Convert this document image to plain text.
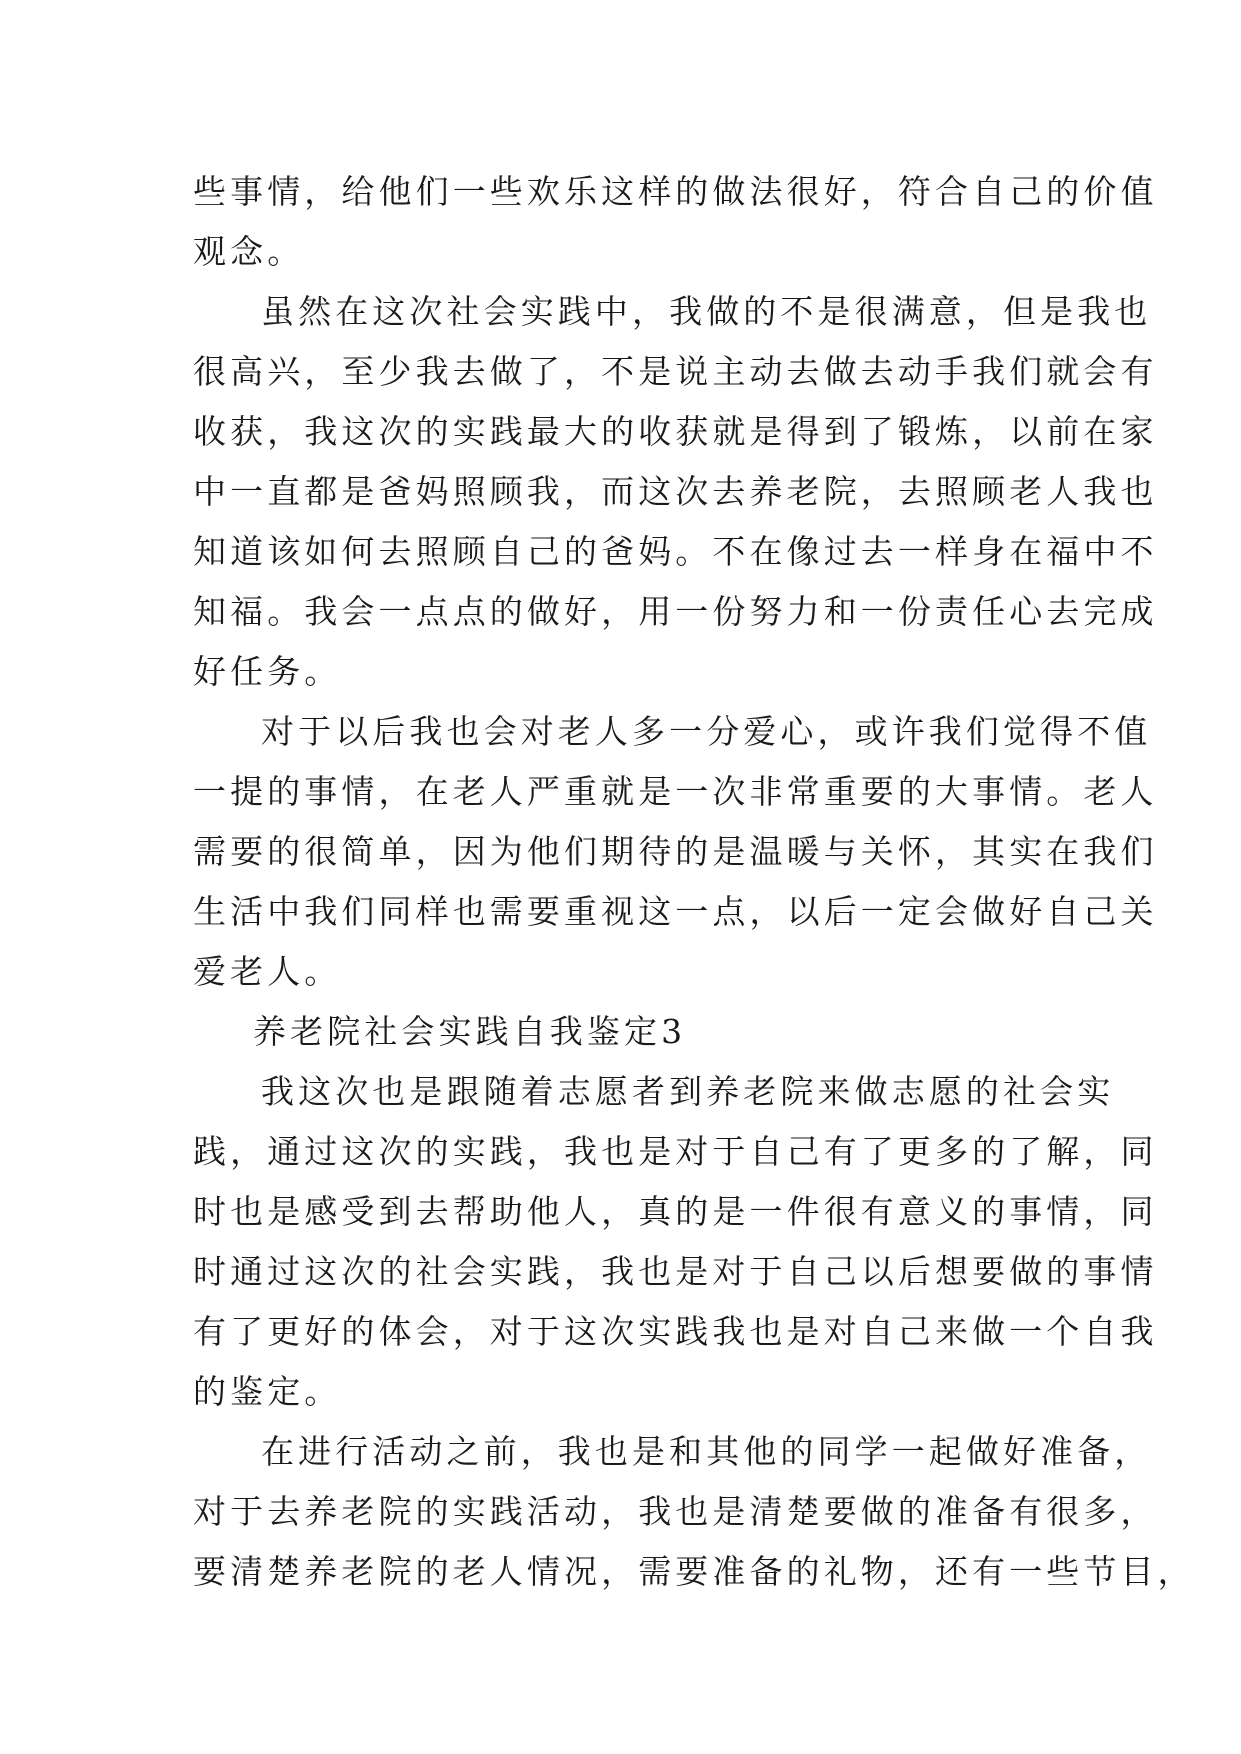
些事情，给他们一些欢乐这样的做法很好，符合自己的价值
观念。
虽然在这次社会实践中，我做的不是很满意，但是我也
很高兴，至少我去做了，不是说主动去做去动手我们就会有
收获，我这次的实践最大的收获就是得到了锻炼，以前在家
中一直都是爸妈照顾我，而这次去养老院，去照顾老人我也
知道该如何去照顾自己的爸妈。不在像过去一样身在福中不
知福。我会一点点的做好，用一份努力和一份责任心去完成
好任务。
对于以后我也会对老人多一分爱心，或许我们觉得不值
一提的事情，在老人严重就是一次非常重要的大事情。老人
需要的很简单，因为他们期待的是温暖与关怀，其实在我们
生活中我们同样也需要重视这一点，以后一定会做好自己关
爱老人。
养老院社会实践自我鉴定3
我这次也是跟随着志愿者到养老院来做志愿的社会实
践，通过这次的实践，我也是对于自己有了更多的了解，同
时也是感受到去帮助他人，真的是一件很有意义的事情，同
时通过这次的社会实践，我也是对于自己以后想要做的事情
有了更好的体会，对于这次实践我也是对自己来做一个自我
的鉴定。
在进行活动之前，我也是和其他的同学一起做好准备，
对于去养老院的实践活动，我也是清楚要做的准备有很多，
要清楚养老院的老人情况，需要准备的礼物，还有一些节目，
